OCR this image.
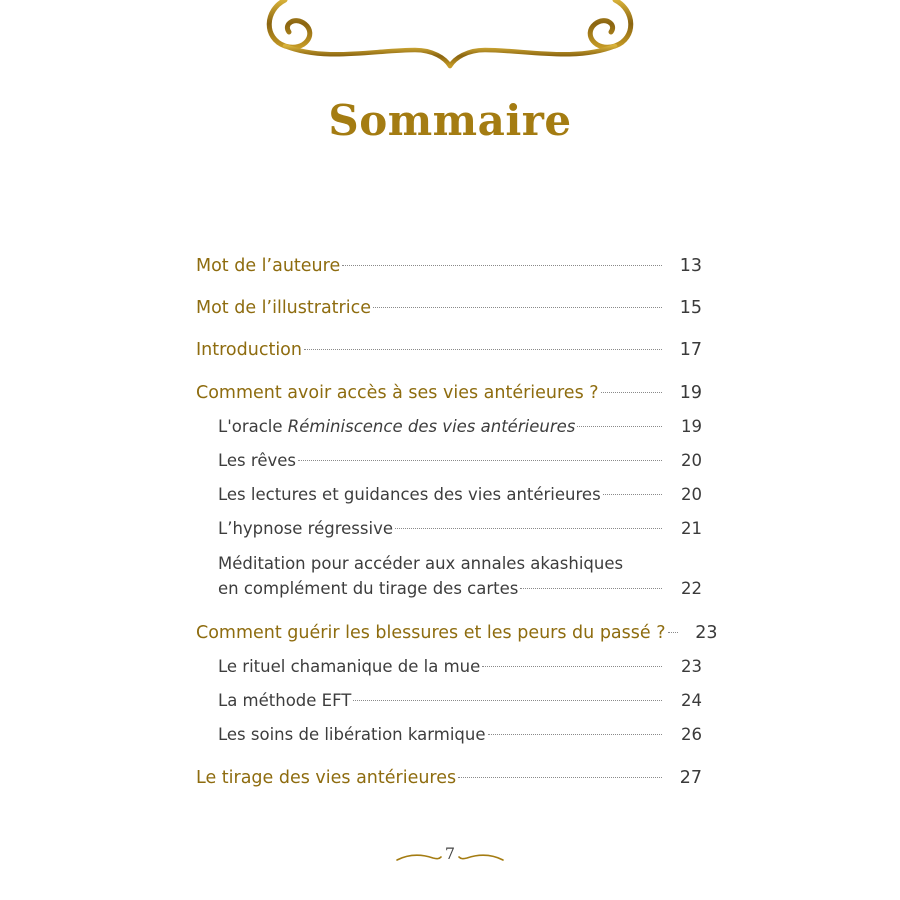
Sommaire
Mot de l’auteure	13
Mot de l’illustratrice	15
Introduction	17
Comment avoir accès à ses vies antérieures ?	19
L'oracle Réminiscence des vies antérieures	19
Les rêves	20
Les lectures et guidances des vies antérieures	20
L’hypnose régressive	21
Méditation pour accéder aux annales akashiques
en complément du tirage des cartes	22
Comment guérir les blessures et les peurs du passé ?	23
Le rituel chamanique de la mue	23
La méthode EFT	24
Les soins de libération karmique	26
Le tirage des vies antérieures	27
7
